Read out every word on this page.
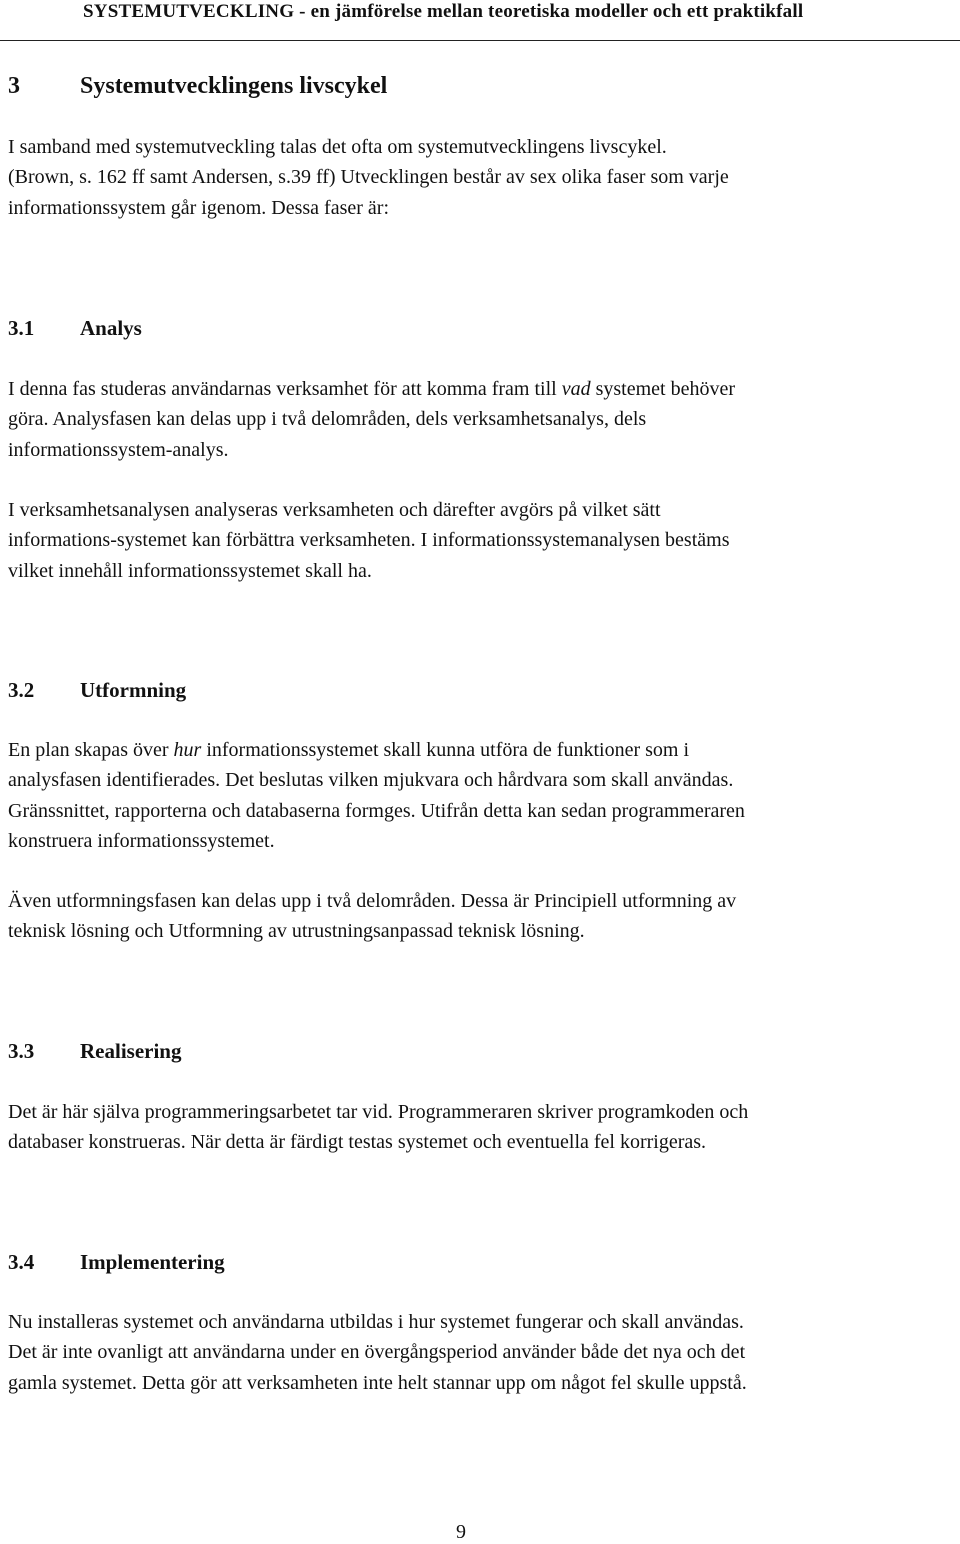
SYSTEMUTVECKLING - en jämförelse mellan teoretiska modeller och ett praktikfall
3	Systemutvecklingens livscykel
I samband med systemutveckling talas det ofta om systemutvecklingens livscykel.
(Brown, s. 162 ff samt Andersen, s.39 ff) Utvecklingen består av sex olika faser som varje
informationssystem går igenom. Dessa faser är:
3.1 Analys
I denna fas studeras användarnas verksamhet för att komma fram till vad systemet behöver
göra. Analysfasen kan delas upp i två delområden, dels verksamhetsanalys, dels
informationssystem-analys.
I verksamhetsanalysen analyseras verksamheten och därefter avgörs på vilket sätt
informations-systemet kan förbättra verksamheten. I informationssystemanalysen bestäms
vilket innehåll informationssystemet skall ha.
3.2 Utformning
En plan skapas över hur informationssystemet skall kunna utföra de funktioner som i
analysfasen identifierades. Det beslutas vilken mjukvara och hårdvara som skall användas.
Gränssnittet, rapporterna och databaserna formges. Utifrån detta kan sedan programmeraren
konstruera informationssystemet.
Även utformningsfasen kan delas upp i två delområden. Dessa är Principiell utformning av
teknisk lösning och Utformning av utrustningsanpassad teknisk lösning.
3.3 Realisering
Det är här själva programmeringsarbetet tar vid. Programmeraren skriver programkoden och
databaser konstrueras. När detta är färdigt testas systemet och eventuella fel korrigeras.
3.4 Implementering
Nu installeras systemet och användarna utbildas i hur systemet fungerar och skall användas.
Det är inte ovanligt att användarna under en övergångsperiod använder både det nya och det
gamla systemet. Detta gör att verksamheten inte helt stannar upp om något fel skulle uppstå.
9
